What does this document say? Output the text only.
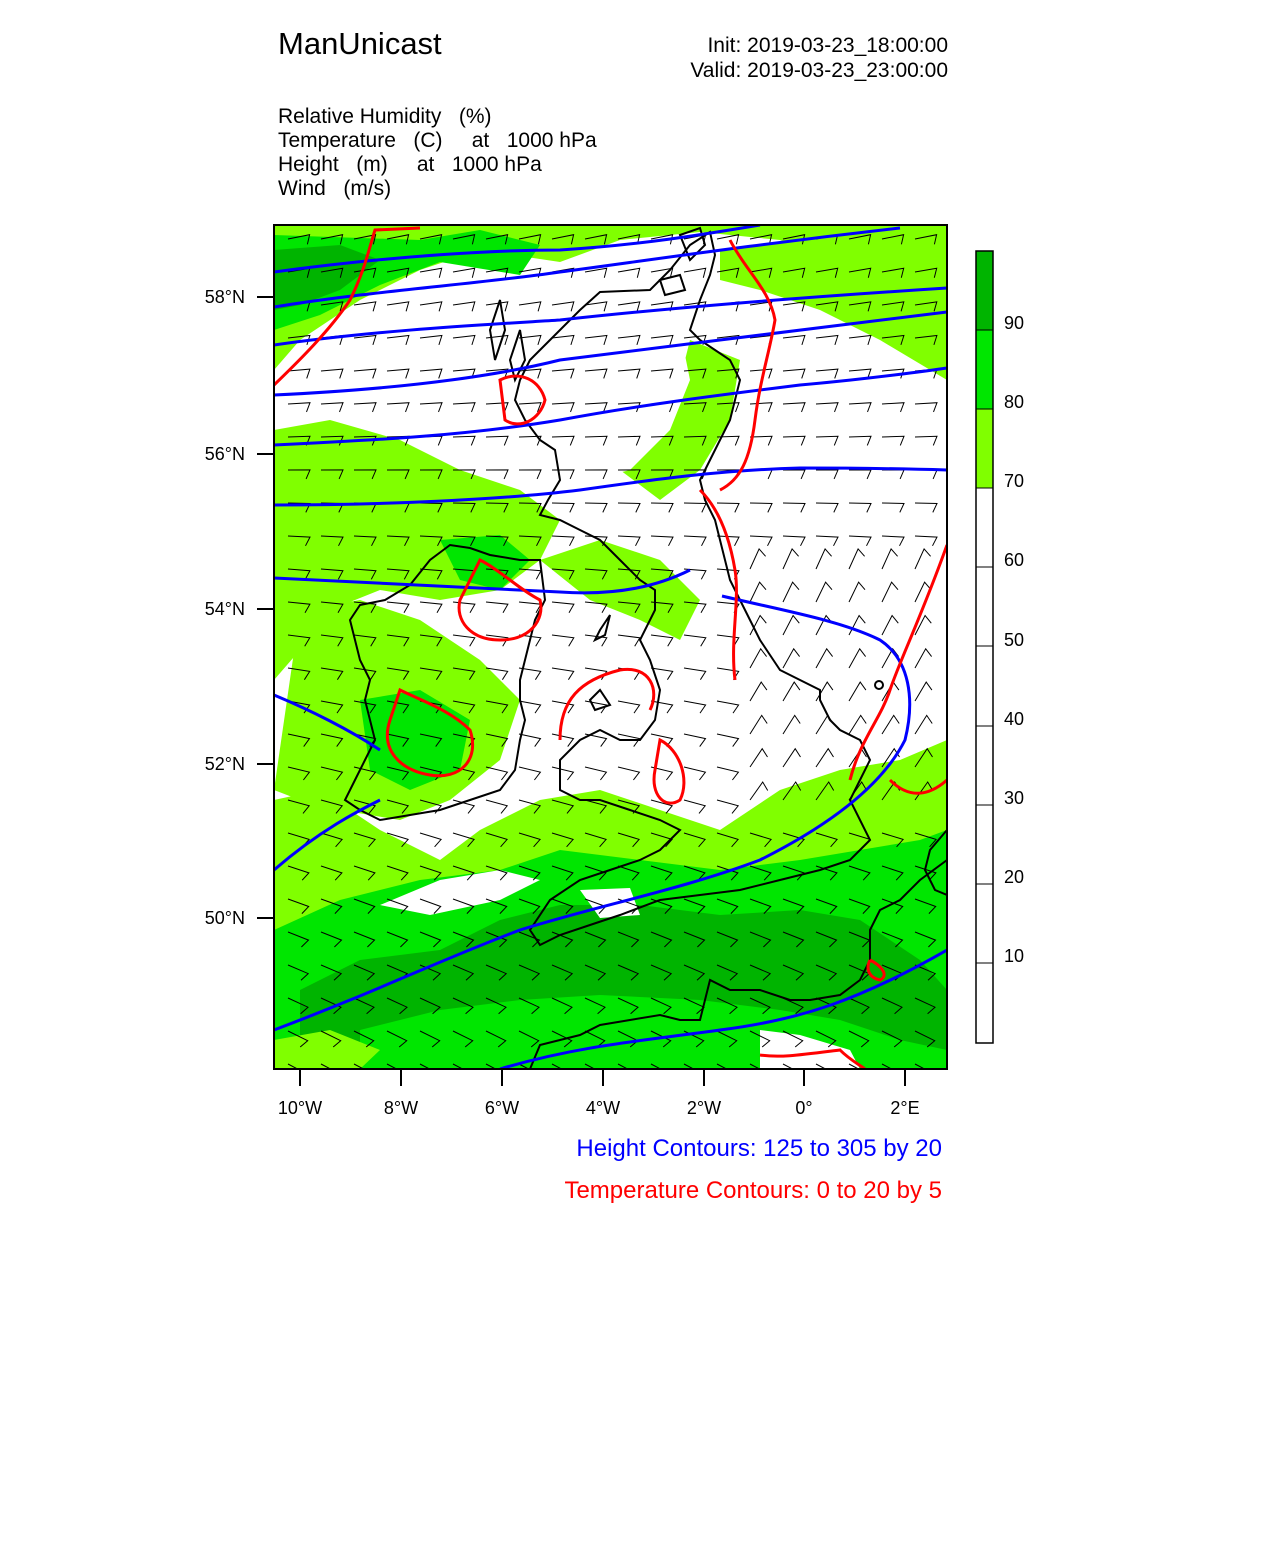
ManUnicast	Init: 2019-03-23_18:00:00
Valid: 2019-03-23_23:00:00
Relative Humidity   (%)
Temperature   (C)     at   1000 hPa
Height   (m)     at   1000 hPa
Wind   (m/s)
58°N
56°N
54°N
52°N
50°N
10°W	8°W	6°W	4°W	2°W	0°	2°E
90
80
70
60
50
40
30
20
10
Height Contours: 125 to 305 by 20
Temperature Contours: 0 to 20 by 5
